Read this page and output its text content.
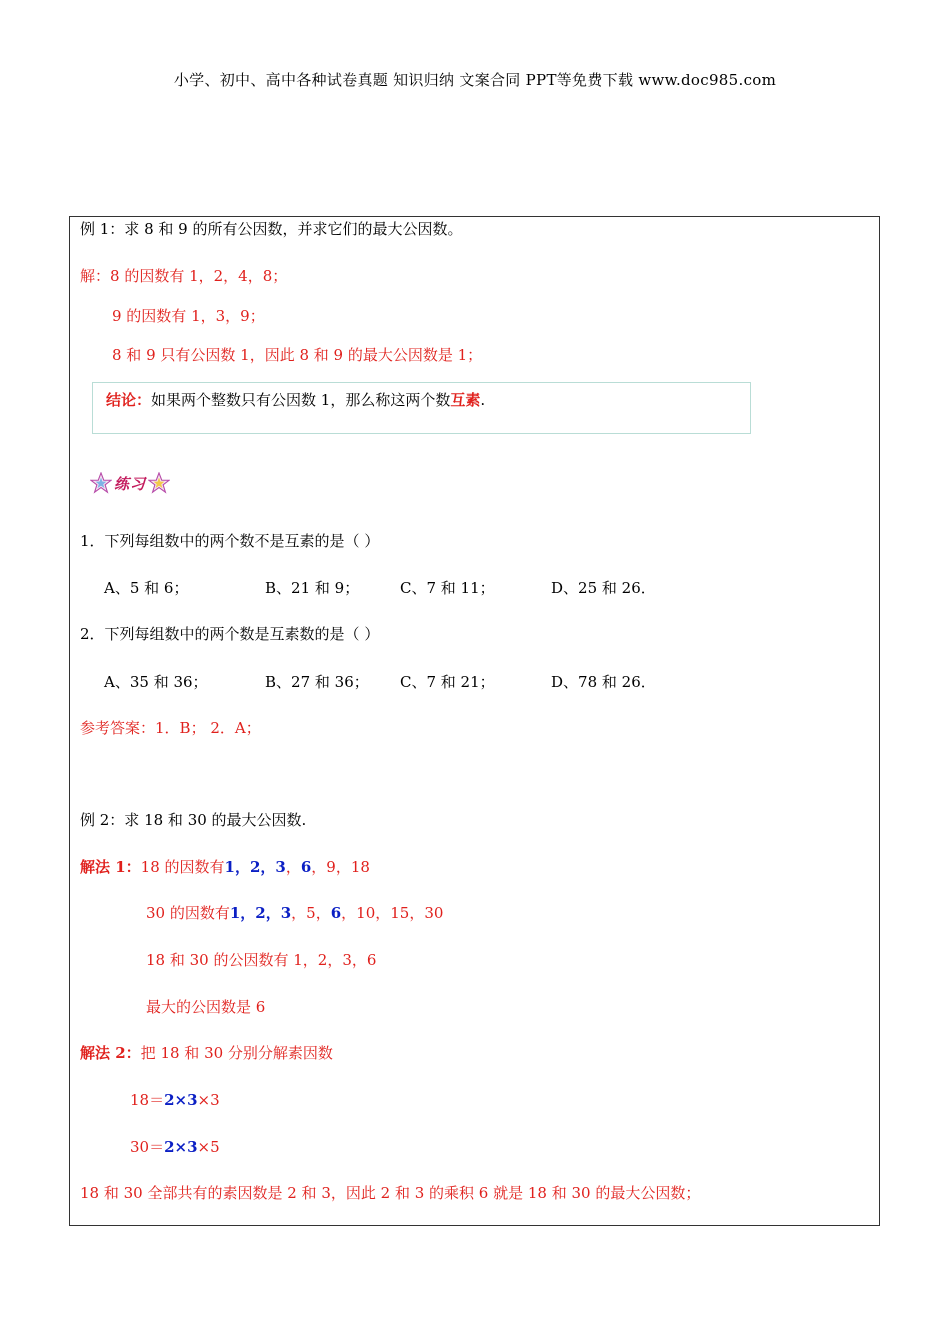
小学、初中、高中各种试卷真题 知识归纳 文案合同 PPT等免费下载 www.doc985.com
例 1：求 8 和 9 的所有公因数，并求它们的最大公因数。
解：8 的因数有 1，2，4，8；
9 的因数有 1，3，9；
8 和 9 只有公因数 1，因此 8 和 9 的最大公因数是 1；
结论：如果两个整数只有公因数 1，那么称这两个数互素.
练习
1．下列每组数中的两个数不是互素的是（ ）
A、5 和 6；	B、21 和 9；	C、7 和 11；	D、25 和 26．
2．下列每组数中的两个数是互素数的是（ ）
A、35 和 36；	B、27 和 36； C、7 和 21；	D、78 和 26．
参考答案：1．B； 2．A；
例 2：求 18 和 30 的最大公因数.
解法 1：18 的因数有1，2，3，6，9，18
30 的因数有1，2，3，5，6，10，15，30
18 和 30 的公因数有 1，2，3，6
最大的公因数是 6
解法 2：把 18 和 30 分别分解素因数
18＝2×3×3
30＝2×3×5
18 和 30 全部共有的素因数是 2 和 3，因此 2 和 3 的乘积 6 就是 18 和 30 的最大公因数；
